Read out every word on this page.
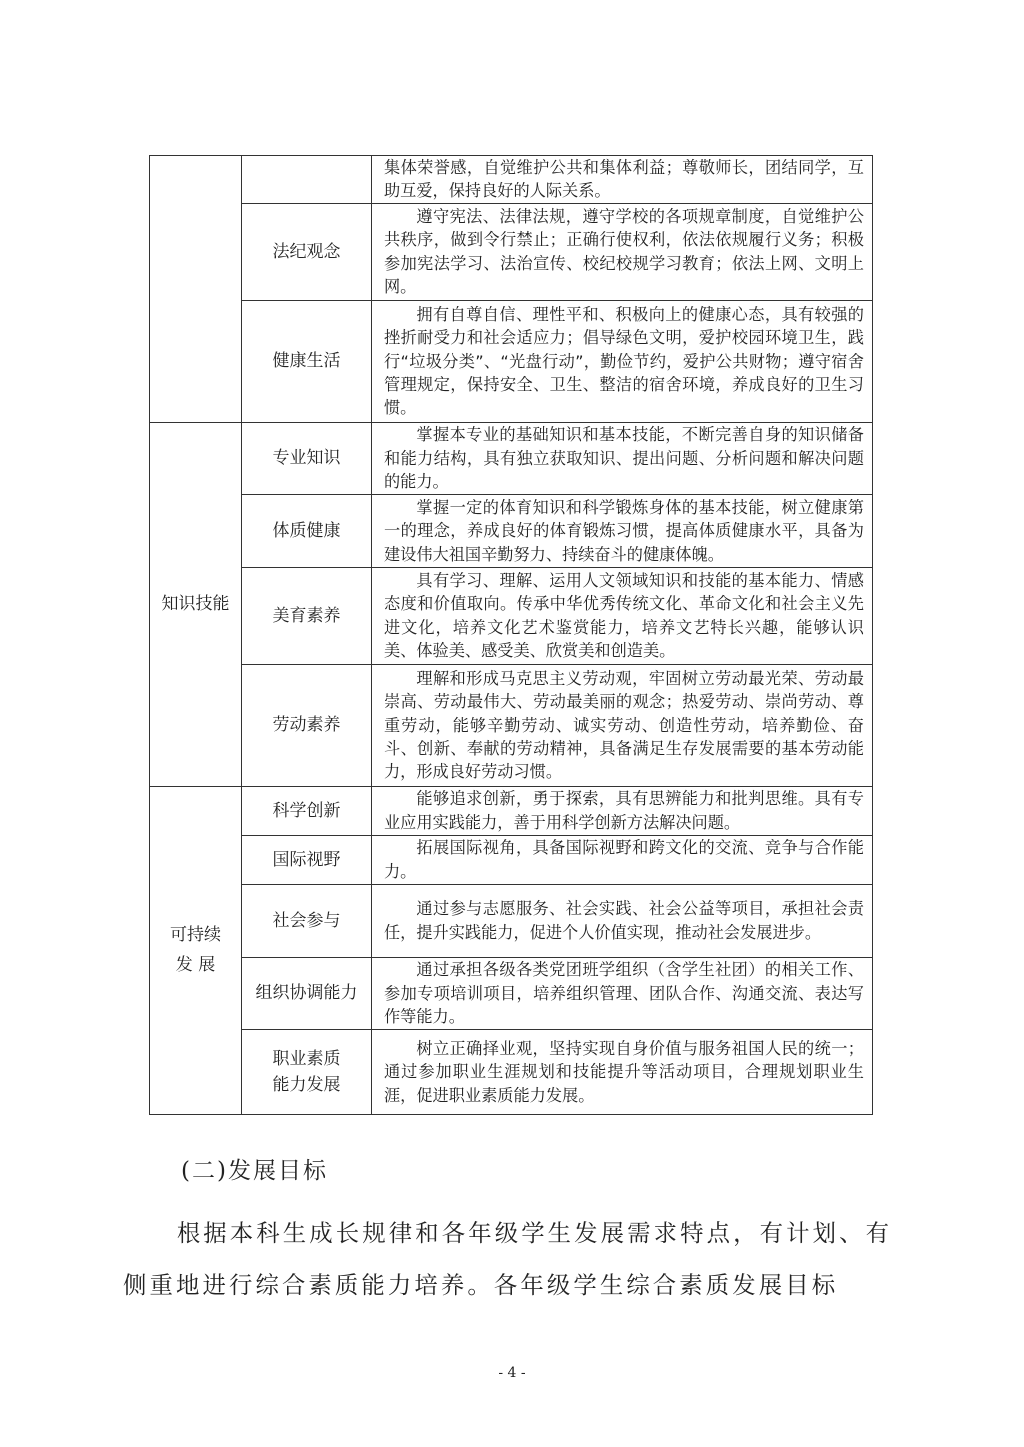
		集体荣誉感，自觉维护公共和集体利益；尊敬师长，团结同学，互助互爱，保持良好的人际关系。
	法纪观念	遵守宪法、法律法规，遵守学校的各项规章制度，自觉维护公共秩序，做到令行禁止；正确行使权利，依法依规履行义务；积极参加宪法学习、法治宣传、校纪校规学习教育；依法上网、文明上网。
	健康生活	拥有自尊自信、理性平和、积极向上的健康心态，具有较强的挫折耐受力和社会适应力；倡导绿色文明，爱护校园环境卫生，践行“垃圾分类”、“光盘行动”，勤俭节约，爱护公共财物；遵守宿舍管理规定，保持安全、卫生、整洁的宿舍环境，养成良好的卫生习惯。
知识技能	专业知识	掌握本专业的基础知识和基本技能，不断完善自身的知识储备和能力结构，具有独立获取知识、提出问题、分析问题和解决问题的能力。
	体质健康	掌握一定的体育知识和科学锻炼身体的基本技能，树立健康第一的理念，养成良好的体育锻炼习惯，提高体质健康水平，具备为建设伟大祖国辛勤努力、持续奋斗的健康体魄。
	美育素养	具有学习、理解、运用人文领域知识和技能的基本能力、情感态度和价值取向。传承中华优秀传统文化、革命文化和社会主义先进文化，培养文化艺术鉴赏能力，培养文艺特长兴趣，能够认识美、体验美、感受美、欣赏美和创造美。
	劳动素养	理解和形成马克思主义劳动观，牢固树立劳动最光荣、劳动最崇高、劳动最伟大、劳动最美丽的观念；热爱劳动、崇尚劳动、尊重劳动，能够辛勤劳动、诚实劳动、创造性劳动，培养勤俭、奋斗、创新、奉献的劳动精神，具备满足生存发展需要的基本劳动能力，形成良好劳动习惯。
可持续发 展	科学创新	能够追求创新，勇于探索，具有思辨能力和批判思维。具有专业应用实践能力，善于用科学创新方法解决问题。
	国际视野	拓展国际视角，具备国际视野和跨文化的交流、竞争与合作能力。
	社会参与	通过参与志愿服务、社会实践、社会公益等项目，承担社会责任，提升实践能力，促进个人价值实现，推动社会发展进步。
	组织协调能力	通过承担各级各类党团班学组织（含学生社团）的相关工作、参加专项培训项目，培养组织管理、团队合作、沟通交流、表达写作等能力。
	职业素质能力发展	树立正确择业观，坚持实现自身价值与服务祖国人民的统一；通过参加职业生涯规划和技能提升等活动项目，合理规划职业生涯，促进职业素质能力发展。
(二)发展目标
根据本科生成长规律和各年级学生发展需求特点，有计划、有侧重地进行综合素质能力培养。各年级学生综合素质发展目标
- 4 -
